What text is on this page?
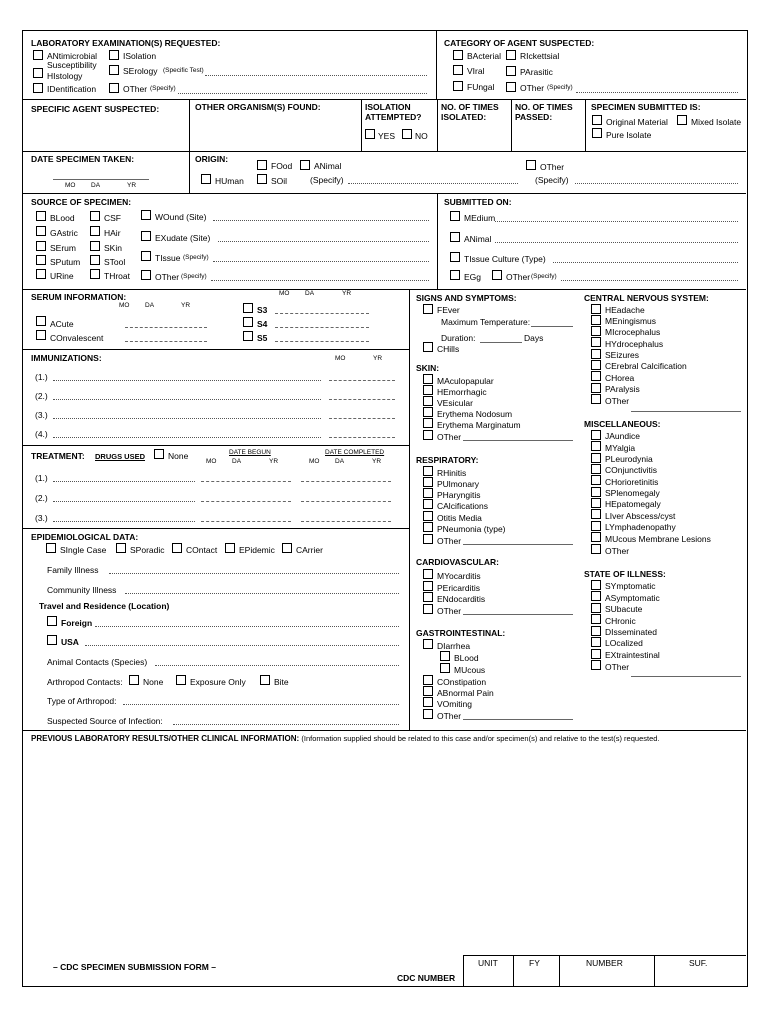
LABORATORY EXAMINATION(S) REQUESTED:
ANtimicrobial
Susceptibility
ISolation
SErology (Specific Test)
HIstology
IDentification	OTher (Specify)
CATEGORY OF AGENT SUSPECTED:
BActerial RIckettsial
VIral	PArasitic
FUngal	OTher (Specify)
SPECIFIC AGENT SUSPECTED:	OTHER ORGANISM(S) FOUND:	ISOLATION
ATTEMPTED?
YES NO
NO. OF TIMES
ISOLATED:
NO. OF TIMES
PASSED:
SPECIMEN SUBMITTED IS:
Original Material	Mixed Isolate
Pure Isolate
DATE SPECIMEN TAKEN:
MO DA	YR
ORIGIN:
FOod	ANimal
HUman	SOil	(Specify)
OTher
(Specify)
SOURCE OF SPECIMEN:
BLood	CSF	WOund (Site)
GAstric	HAir	EXudate (Site)
SErum	SKin
SPutum	STool	TIssue (Specify)
URine	THroat	OTher (Specify)
SUBMITTED ON:
MEdium
ANimal
TIssue Culture (Type)
EGg	OTher (Specify)
SERUM INFORMATION:
MO DA	YR
MO DA	YR
ACute
COnvalescent
S3
S4
S5
IMMUNIZATIONS:	MO	YR
(1.)
(2.)
(3.)
(4.)
TREATMENT: DRUGS USED	None	DATE BEGUN	DATE COMPLETED
MO DA	YR	MO DA	YR
(1.)
(2.)
(3.)
EPIDEMIOLOGICAL DATA:
SIngle Case	SPoradic	COntact	EPidemic CArrier
Family Illness
Community Illness
Travel and Residence (Location)
Foreign
USA
Animal Contacts (Species)
Arthropod Contacts: None	Exposure Only	Bite
Type of Arthropod:
Suspected Source of Infection:
SIGNS AND SYMPTOMS:
FEver
Maximum Temperature:
Duration:	Days
CHills
SKIN:
MAculopapular
HEmorrhagic
VEsicular
Erythema Nodosum
Erythema Marginatum
OTher
RESPIRATORY:
RHinitis
PUlmonary
PHaryngitis
CAlcifications
Otitis Media
PNeumonia (type)
OTher
CARDIOVASCULAR:
MYocarditis
PEricarditis
ENdocarditis
OTher
GASTROINTESTINAL:
DIarrhea
BLood
MUcous
COnstipation
ABnormal Pain
VOmiting
OTher
CENTRAL NERVOUS SYSTEM:
HEadache
MEningismus
MIcrocephalus
HYdrocephalus
SEizures
CErebral Calcification
CHorea
PAralysis
OTher
MISCELLANEOUS:
JAundice
MYalgia
PLeurodynia
COnjunctivitis
CHorioretinitis
SPlenomegaly
HEpatomegaly
LIver Abscess/cyst
LYmphadenopathy
MUcous Membrane Lesions
OTher
STATE OF ILLNESS:
SYmptomatic
ASymptomatic
SUbacute
CHronic
DIsseminated
LOcalized
EXtraintestinal
OTher
PREVIOUS LABORATORY RESULTS/OTHER CLINICAL INFORMATION: (Information supplied should be related to this case and/or specimen(s) and relative to the test(s) requested.
– CDC SPECIMEN SUBMISSION FORM –
CDC NUMBER
UNIT	FY	NUMBER	SUF.
